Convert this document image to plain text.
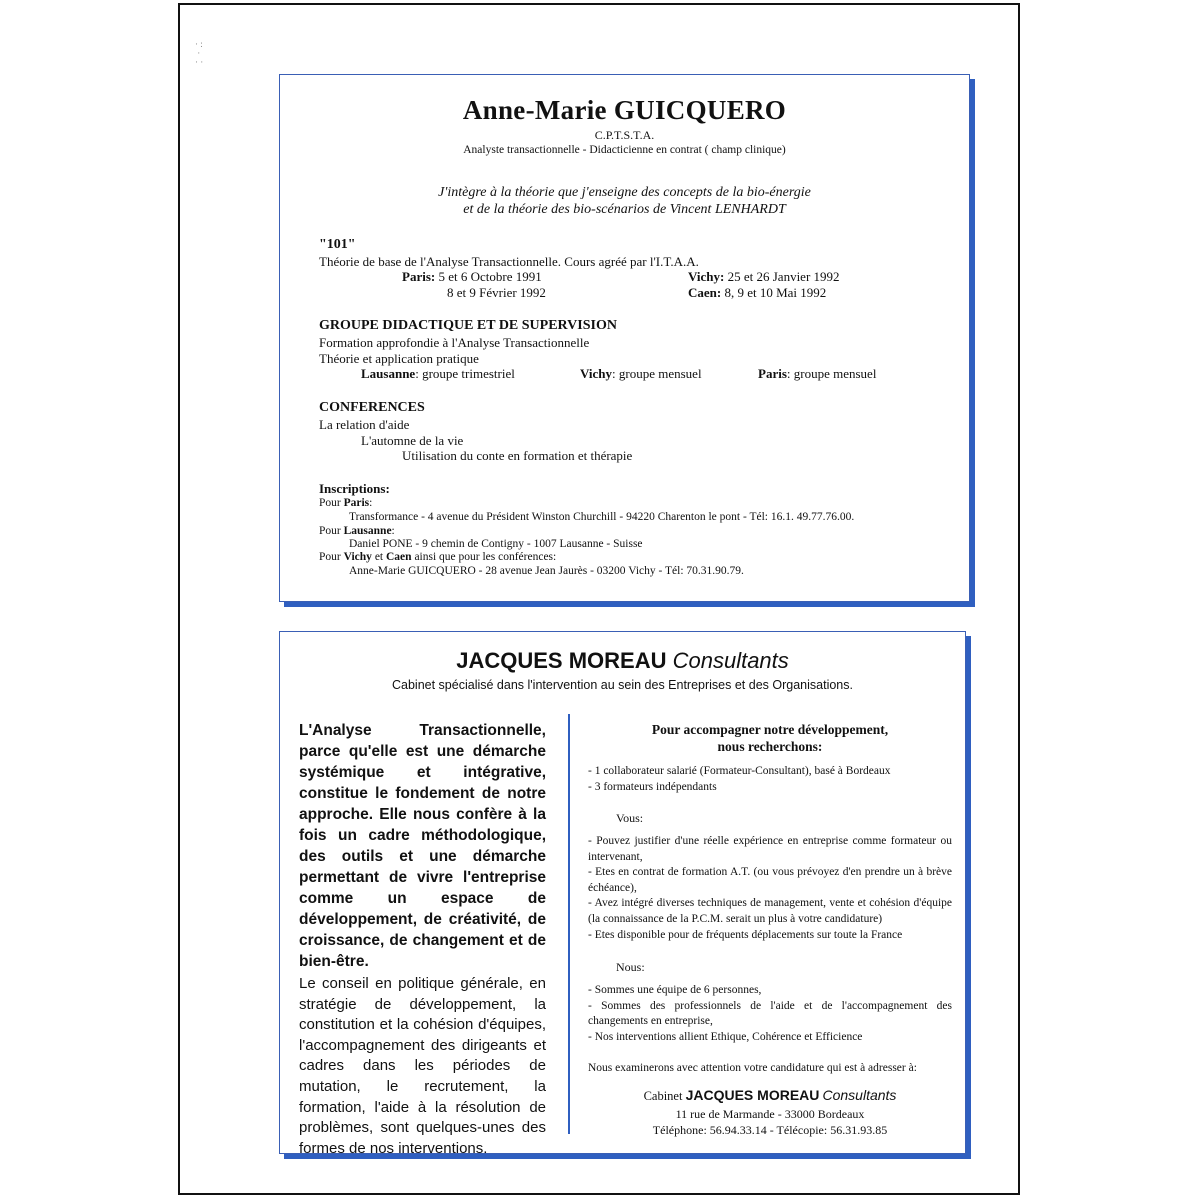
· :
·
· ·
Anne-Marie GUICQUERO
C.P.T.S.T.A.
Analyste transactionnelle - Didacticienne en contrat ( champ clinique)
J'intègre à la théorie que j'enseigne des concepts de la bio-énergie
et de la théorie des bio-scénarios de Vincent LENHARDT
"101"
Théorie de base de l'Analyse Transactionnelle. Cours agréé par l'I.T.A.A.
Paris: 5 et 6 Octobre 1991
8 et 9 Février 1992
Vichy: 25 et 26 Janvier 1992
Caen: 8, 9 et 10 Mai 1992
GROUPE DIDACTIQUE ET DE SUPERVISION
Formation approfondie à l'Analyse Transactionnelle
Théorie et application pratique
Lausanne: groupe trimestriel	Vichy: groupe mensuel	Paris: groupe mensuel
CONFERENCES
La relation d'aide
L'automne de la vie
Utilisation du conte en formation et thérapie
Inscriptions:
Pour Paris:
Transformance - 4 avenue du Président Winston Churchill - 94220 Charenton le pont - Tél: 16.1. 49.77.76.00.
Pour Lausanne:
Daniel PONE - 9 chemin de Contigny - 1007 Lausanne - Suisse
Pour Vichy et Caen ainsi que pour les conférences:
Anne-Marie GUICQUERO - 28 avenue Jean Jaurès - 03200 Vichy - Tél: 70.31.90.79.
JACQUES MOREAU Consultants
Cabinet spécialisé dans l'intervention au sein des Entreprises et des Organisations.
L'Analyse Transactionnelle, parce qu'elle est une démarche systémique et intégrative, constitue le fondement de notre approche. Elle nous confère à la fois un cadre méthodologique, des outils et une démarche permettant de vivre l'entreprise comme un espace de développement, de créativité, de croissance, de changement et de bien-être.
Le conseil en politique générale, en stratégie de développement, la constitution et la cohésion d'équipes, l'accompagnement des dirigeants et cadres dans les périodes de mutation, le recrutement, la formation, l'aide à la résolution de problèmes, sont quelques-unes des formes de nos interventions.
Pour accompagner notre développement,
nous recherchons:

- 1 collaborateur salarié (Formateur-Consultant), basé à Bordeaux

- 3 formateurs indépendants

Vous:

- Pouvez justifier d'une réelle expérience en entreprise comme formateur ou intervenant,

- Etes en contrat de formation A.T. (ou vous prévoyez d'en prendre un à brève échéance),

- Avez intégré diverses techniques de management, vente et cohésion d'équipe (la connaissance de la P.C.M. serait un plus à votre candidature)

- Etes disponible pour de fréquents déplacements sur toute la France

Nous:

- Sommes une équipe de 6 personnes,

- Sommes des professionnels de l'aide et de l'accompagnement des changements en entreprise,

- Nos interventions allient Ethique, Cohérence et Efficience

Nous examinerons avec attention votre candidature qui est à adresser à:
Cabinet JACQUES MOREAU Consultants
11 rue de Marmande - 33000 Bordeaux
Téléphone: 56.94.33.14 - Télécopie: 56.31.93.85
